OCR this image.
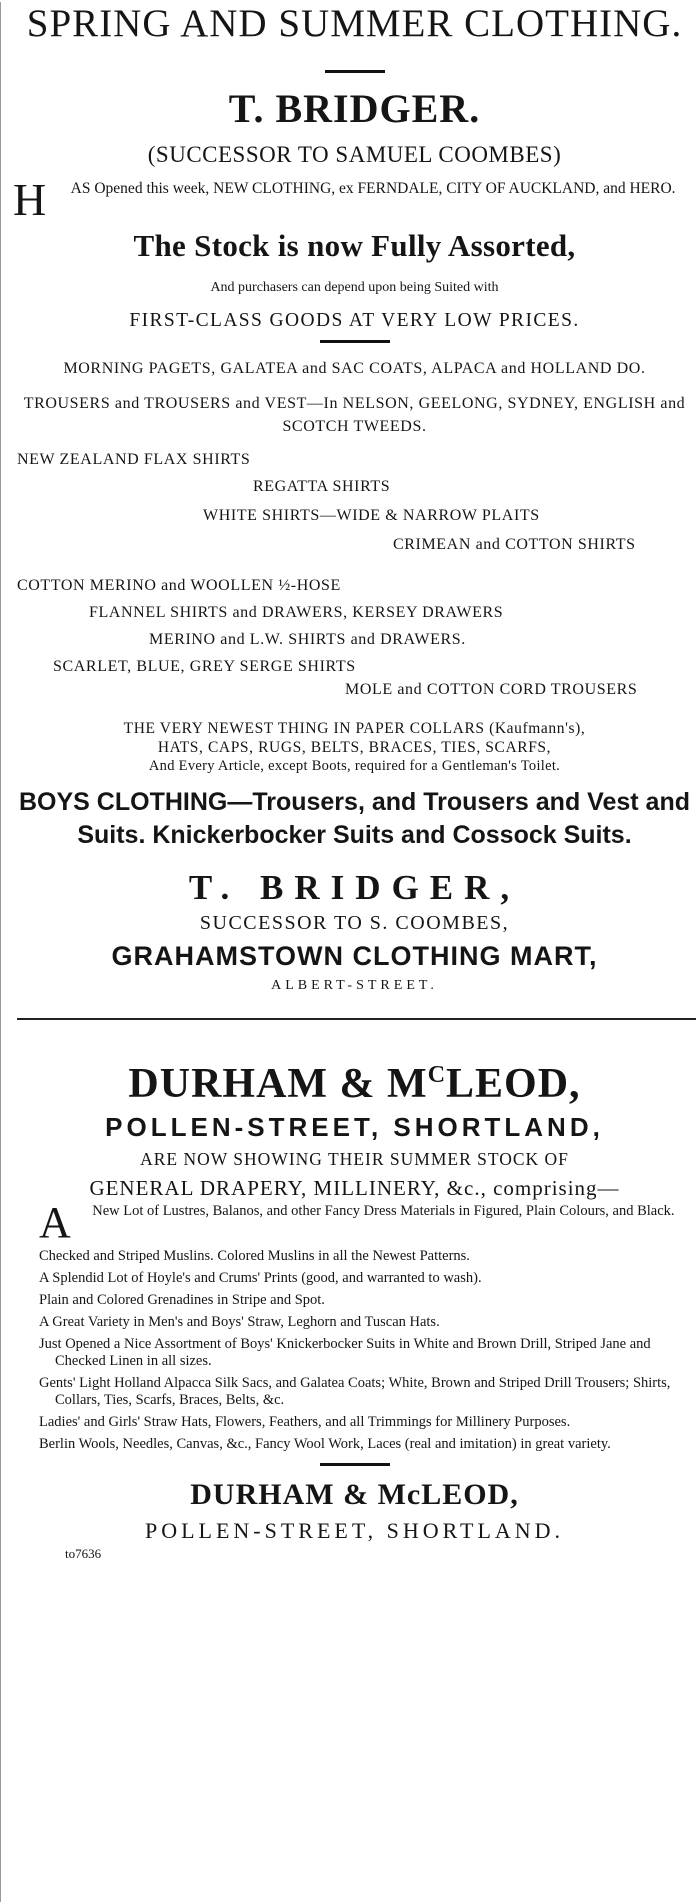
SPRING AND SUMMER CLOTHING.
T. BRIDGER.
(SUCCESSOR TO SAMUEL COOMBES)
H	AS Opened this week, NEW CLOTHING, ex FERNDALE, CITY OF AUCKLAND, and HERO.
The Stock is now Fully Assorted,
And purchasers can depend upon being Suited with
FIRST-CLASS GOODS AT VERY LOW PRICES.
MORNING PAGETS, GALATEA and SAC COATS, ALPACA and HOLLAND DO.
TROUSERS and TROUSERS and VEST—In NELSON, GEELONG, SYDNEY, ENGLISH and SCOTCH TWEEDS.
NEW ZEALAND FLAX SHIRTS
REGATTA SHIRTS
WHITE SHIRTS—WIDE & NARROW PLAITS
CRIMEAN and COTTON SHIRTS
COTTON MERINO and WOOLLEN ½-HOSE
FLANNEL SHIRTS and DRAWERS, KERSEY DRAWERS
MERINO and L.W. SHIRTS and DRAWERS.
SCARLET, BLUE, GREY SERGE SHIRTS
MOLE and COTTON CORD TROUSERS
THE VERY NEWEST THING IN PAPER COLLARS (Kaufmann's),
HATS, CAPS, RUGS, BELTS, BRACES, TIES, SCARFS,
And Every Article, except Boots, required for a Gentleman's Toilet.
BOYS CLOTHING—Trousers, and Trousers and Vest and Suits. Knickerbocker Suits and Cossock Suits.
T. BRIDGER,
SUCCESSOR TO S. COOMBES,
GRAHAMSTOWN CLOTHING MART,
ALBERT-STREET.
DURHAM & $M^CLEOD$,
POLLEN-STREET, SHORTLAND,
ARE NOW SHOWING THEIR SUMMER STOCK OF
GENERAL DRAPERY, MILLINERY, &c., comprising—
A	New Lot of Lustres, Balanos, and other Fancy Dress Materials in Figured, Plain Colours, and Black.
Checked and Striped Muslins. Colored Muslins in all the Newest Patterns.
A Splendid Lot of Hoyle's and Crums' Prints (good, and warranted to wash).
Plain and Colored Grenadines in Stripe and Spot.
A Great Variety in Men's and Boys' Straw, Leghorn and Tuscan Hats.
Just Opened a Nice Assortment of Boys' Knickerbocker Suits in White and Brown Drill, Striped Jane and Checked Linen in all sizes.
Gents' Light Holland Alpacca Silk Sacs, and Galatea Coats; White, Brown and Striped Drill Trousers; Shirts, Collars, Ties, Scarfs, Braces, Belts, &c.
Ladies' and Girls' Straw Hats, Flowers, Feathers, and all Trimmings for Millinery Purposes.
Berlin Wools, Needles, Canvas, &c., Fancy Wool Work, Laces (real and imitation) in great variety.
DURHAM & McLEOD,
POLLEN-STREET, SHORTLAND.
to7636
